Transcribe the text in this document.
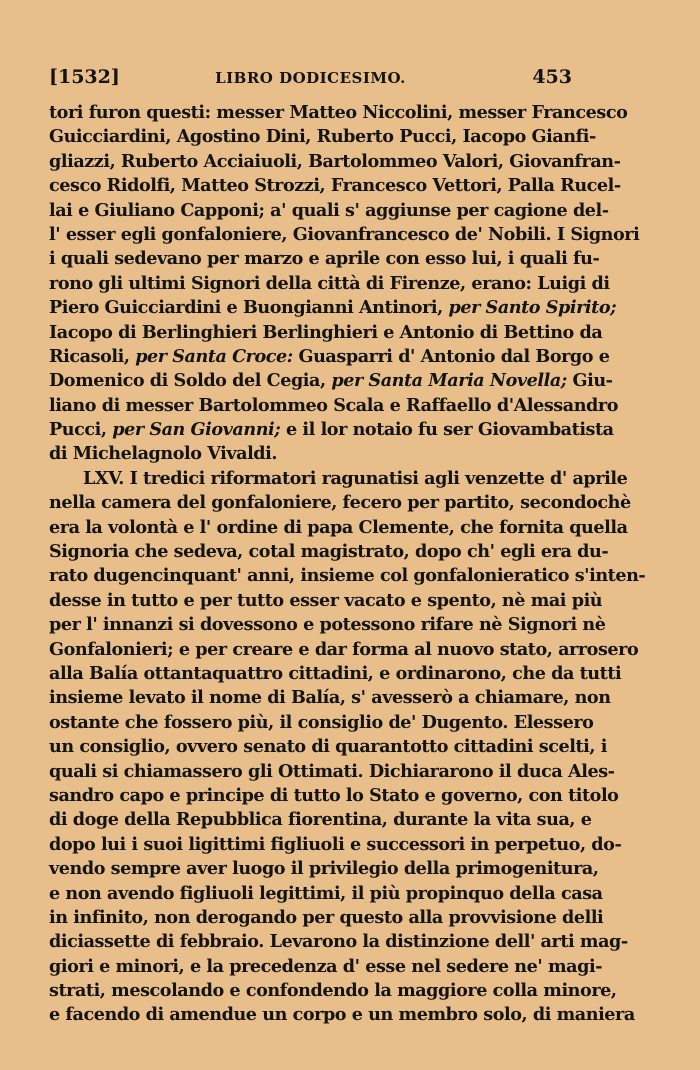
[1532]	LIBRO DODICESIMO.	453
tori furon questi: messer Matteo Niccolini, messer Francesco
Guicciardini, Agostino Dini, Ruberto Pucci, Iacopo Gianfi-
gliazzi, Ruberto Acciaiuoli, Bartolommeo Valori, Giovanfran-
cesco Ridolfi, Matteo Strozzi, Francesco Vettori, Palla Rucel-
lai e Giuliano Capponi; a' quali s' aggiunse per cagione del-
l' esser egli gonfaloniere, Giovanfrancesco de' Nobili. I Signori
i quali sedevano per marzo e aprile con esso lui, i quali fu-
rono gli ultimi Signori della città di Firenze, erano: Luigi di
Piero Guicciardini e Buongianni Antinori, per Santo Spirito;
Iacopo di Berlinghieri Berlinghieri e Antonio di Bettino da
Ricasoli, per Santa Croce: Guasparri d' Antonio dal Borgo e
Domenico di Soldo del Cegia, per Santa Maria Novella; Giu-
liano di messer Bartolommeo Scala e Raffaello d'Alessandro
Pucci, per San Giovanni; e il lor notaio fu ser Giovambatista
di Michelagnolo Vivaldi.
LXV. I tredici riformatori ragunatisi agli venzette d' aprile
nella camera del gonfaloniere, fecero per partito, secondochè
era la volontà e l' ordine di papa Clemente, che fornita quella
Signoria che sedeva, cotal magistrato, dopo ch' egli era du-
rato dugencinquant' anni, insieme col gonfalonieratico s'inten-
desse in tutto e per tutto esser vacato e spento, nè mai più
per l' innanzi si dovessono e potessono rifare nè Signori nè
Gonfalonieri; e per creare e dar forma al nuovo stato, arrosero
alla Balía ottantaquattro cittadini, e ordinarono, che da tutti
insieme levato il nome di Balía, s' avesserò a chiamare, non
ostante che fossero più, il consiglio de' Dugento. Elessero
un consiglio, ovvero senato di quarantotto cittadini scelti, i
quali si chiamassero gli Ottimati. Dichiararono il duca Ales-
sandro capo e principe di tutto lo Stato e governo, con titolo
di doge della Repubblica fiorentina, durante la vita sua, e
dopo lui i suoi ligittimi figliuoli e successori in perpetuo, do-
vendo sempre aver luogo il privilegio della primogenitura,
e non avendo figliuoli legittimi, il più propinquo della casa
in infinito, non derogando per questo alla provvisione delli
diciassette di febbraio. Levarono la distinzione dell' arti mag-
giori e minori, e la precedenza d' esse nel sedere ne' magi-
strati, mescolando e confondendo la maggiore colla minore,
e facendo di amendue un corpo e un membro solo, di maniera
